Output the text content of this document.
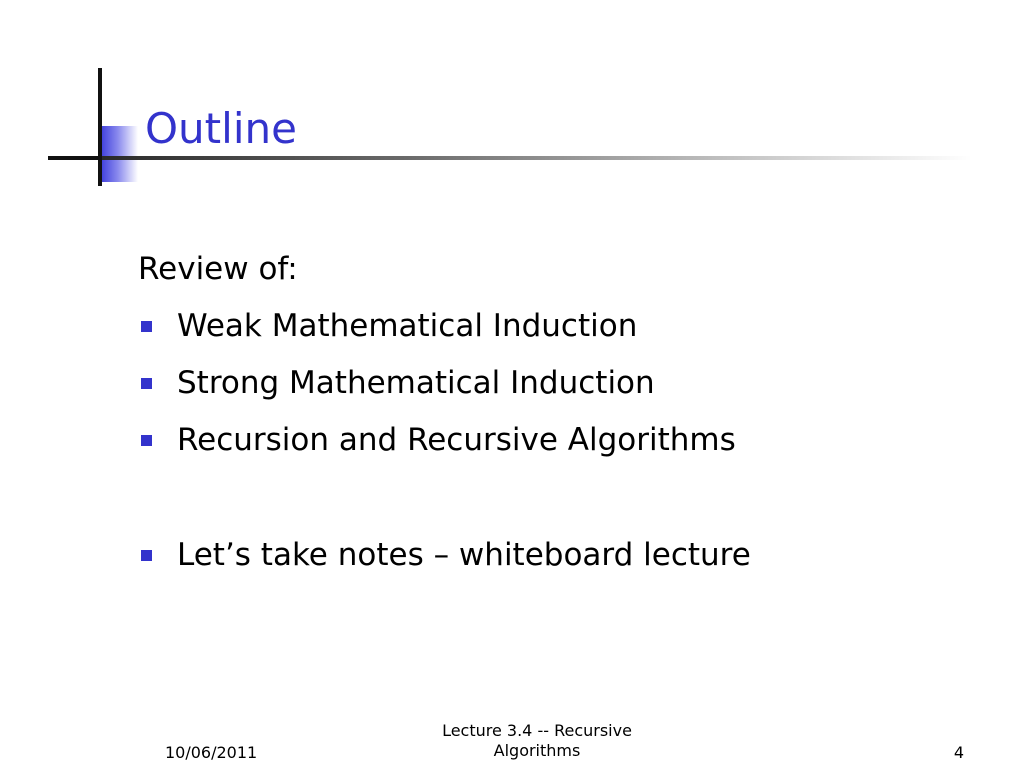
Outline
Review of:
Weak Mathematical Induction
Strong Mathematical Induction
Recursion and Recursive Algorithms
Let’s take notes – whiteboard lecture
10/06/2011
Lecture 3.4 -- Recursive
Algorithms	4
